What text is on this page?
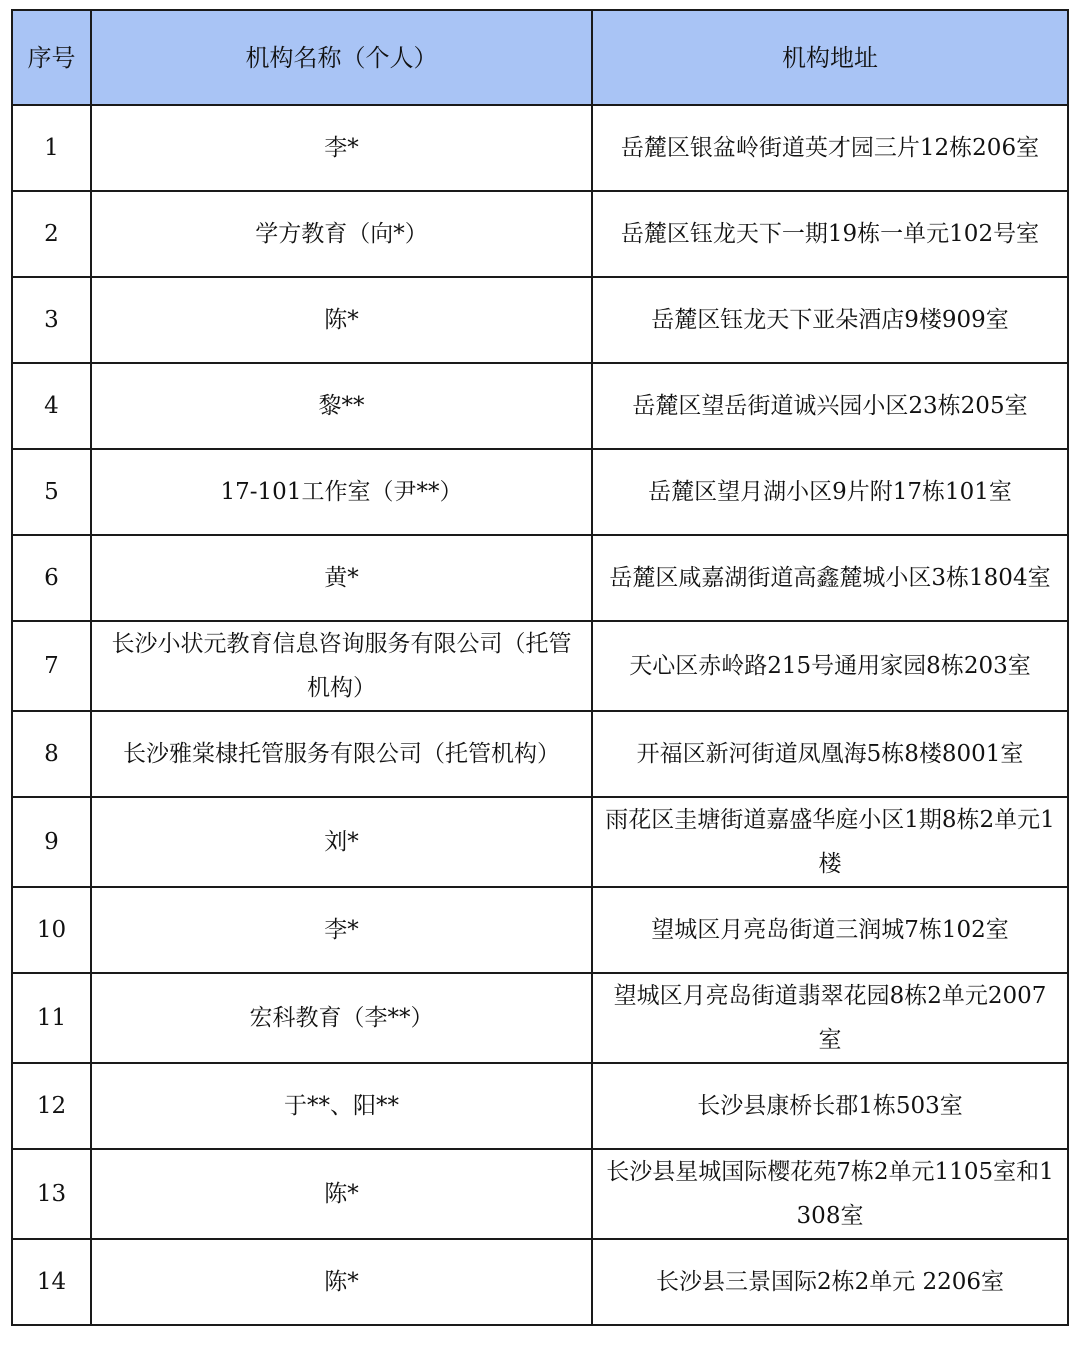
序号	机构名称（个人）	机构地址
1	李*	岳麓区银盆岭街道英才园三片12栋206室
2	学方教育（向*）	岳麓区钰龙天下一期19栋一单元102号室
3	陈*	岳麓区钰龙天下亚朵酒店9楼909室
4	黎**	岳麓区望岳街道诚兴园小区23栋205室
5	17-101工作室（尹**）	岳麓区望月湖小区9片附17栋101室
6	黄*	岳麓区咸嘉湖街道高鑫麓城小区3栋1804室
7	长沙小状元教育信息咨询服务有限公司（托管机构）	天心区赤岭路215号通用家园8栋203室
8	长沙雅棠棣托管服务有限公司（托管机构）	开福区新河街道凤凰海5栋8楼8001室
9	刘*	雨花区圭塘街道嘉盛华庭小区1期8栋2单元1楼
10	李*	望城区月亮岛街道三润城7栋102室
11	宏科教育（李**）	望城区月亮岛街道翡翠花园8栋2单元2007室
12	于**、阳**	长沙县康桥长郡1栋503室
13	陈*	长沙县星城国际樱花苑7栋2单元1105室和1308室
14	陈*	长沙县三景国际2栋2单元 2206室
